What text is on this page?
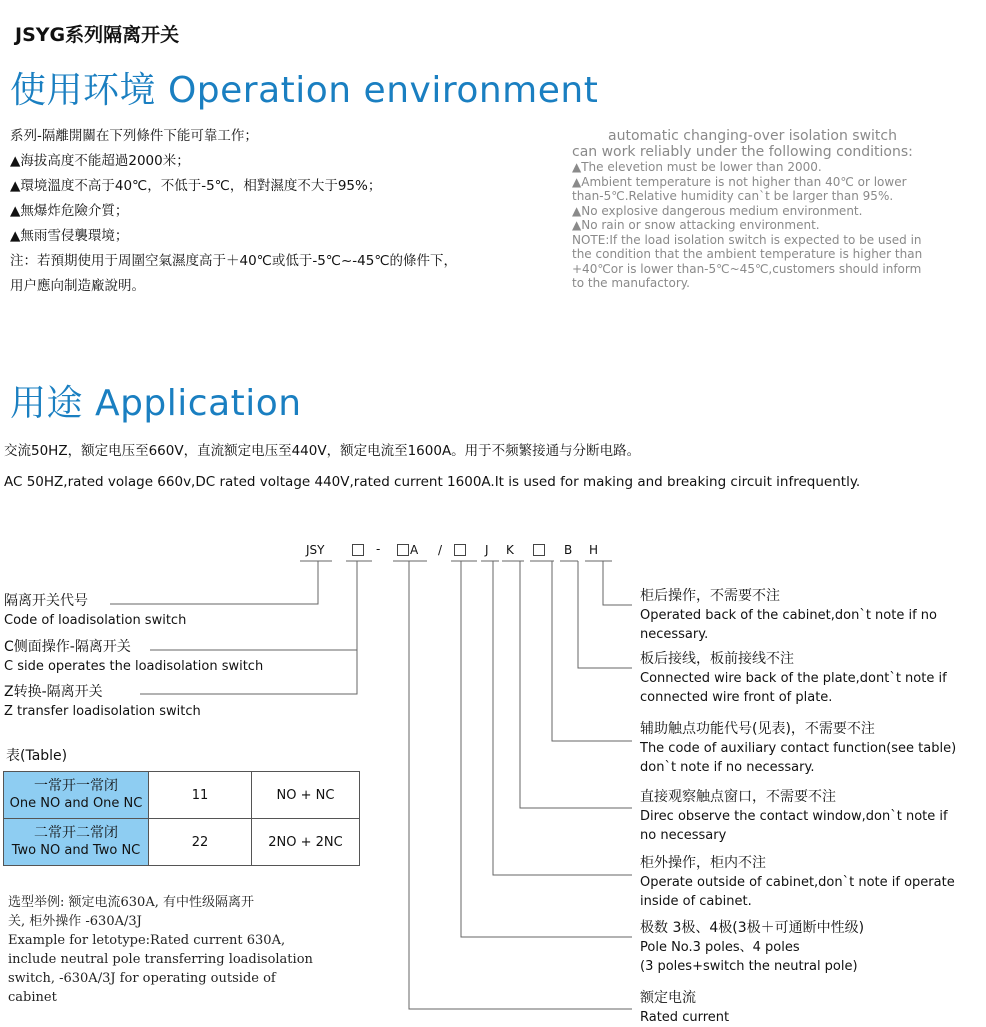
JSYG系列隔离开关
使用环境 Operation environment
系列-隔離開關在下列條件下能可靠工作；
▲海拔高度不能超過2000米；
▲環境溫度不高于40℃，不低于-5℃，相對濕度不大于95%；
▲無爆炸危險介質；
▲無雨雪侵襲環境；
注：若預期使用于周圍空氣濕度高于＋40℃或低于-5℃~-45℃的條件下，
用户應向制造廠說明。
automatic changing-over isolation switch
can work reliably under the following conditions:
▲The elevetion must be lower than 2000.
▲Ambient temperature is not higher than 40℃ or lower
than-5℃.Relative humidity can`t be larger than 95%.
▲No explosive dangerous medium environment.
▲No rain or snow attacking environment.
NOTE:If the load isolation switch is expected to be used in
the condition that the ambient temperature is higher than
+40℃or is lower than-5℃~45℃,customers should inform
to the manufactory.
用途 Application
交流50HZ，额定电压至660V，直流额定电压至440V，额定电流至1600A。用于不频繁接通与分断电路。
AC 50HZ,rated volage 660v,DC rated voltage 440V,rated current 1600A.It is used for making and breaking circuit infrequently.
JSY	- A /	J K	B H
隔离开关代号
Code of loadisolation switch
C侧面操作-隔离开关
C side operates the loadisolation switch
Z转换-隔离开关
Z transfer loadisolation switch
柜后操作，不需要不注
Operated back of the cabinet,don`t note if no
necessary.
板后接线，板前接线不注
Connected wire back of the plate,dont`t note if
connected wire front of plate.
辅助触点功能代号(见表)，不需要不注
The code of auxiliary contact function(see table)
don`t note if no necessary.
直接观察触点窗口，不需要不注
Direc observe the contact window,don`t note if
no necessary
柜外操作，柜内不注
Operate outside of cabinet,don`t note if operate
inside of cabinet.
极数 3极、4极(3极＋可通断中性级)
Pole No.3 poles、4 poles
(3 poles+switch the neutral pole)
额定电流
Rated current
表(Table)
一常开一常闭
One NO and One NC	11	NO + NC

二常开二常闭
Two NO and Two NC	22	2NO + 2NC
选型举例: 额定电流630A, 有中性级隔离开
关, 柜外操作 -630A/3J
Example for letotype:Rated current 630A,
include neutral pole transferring loadisolation
switch, -630A/3J for operating outside of
cabinet
